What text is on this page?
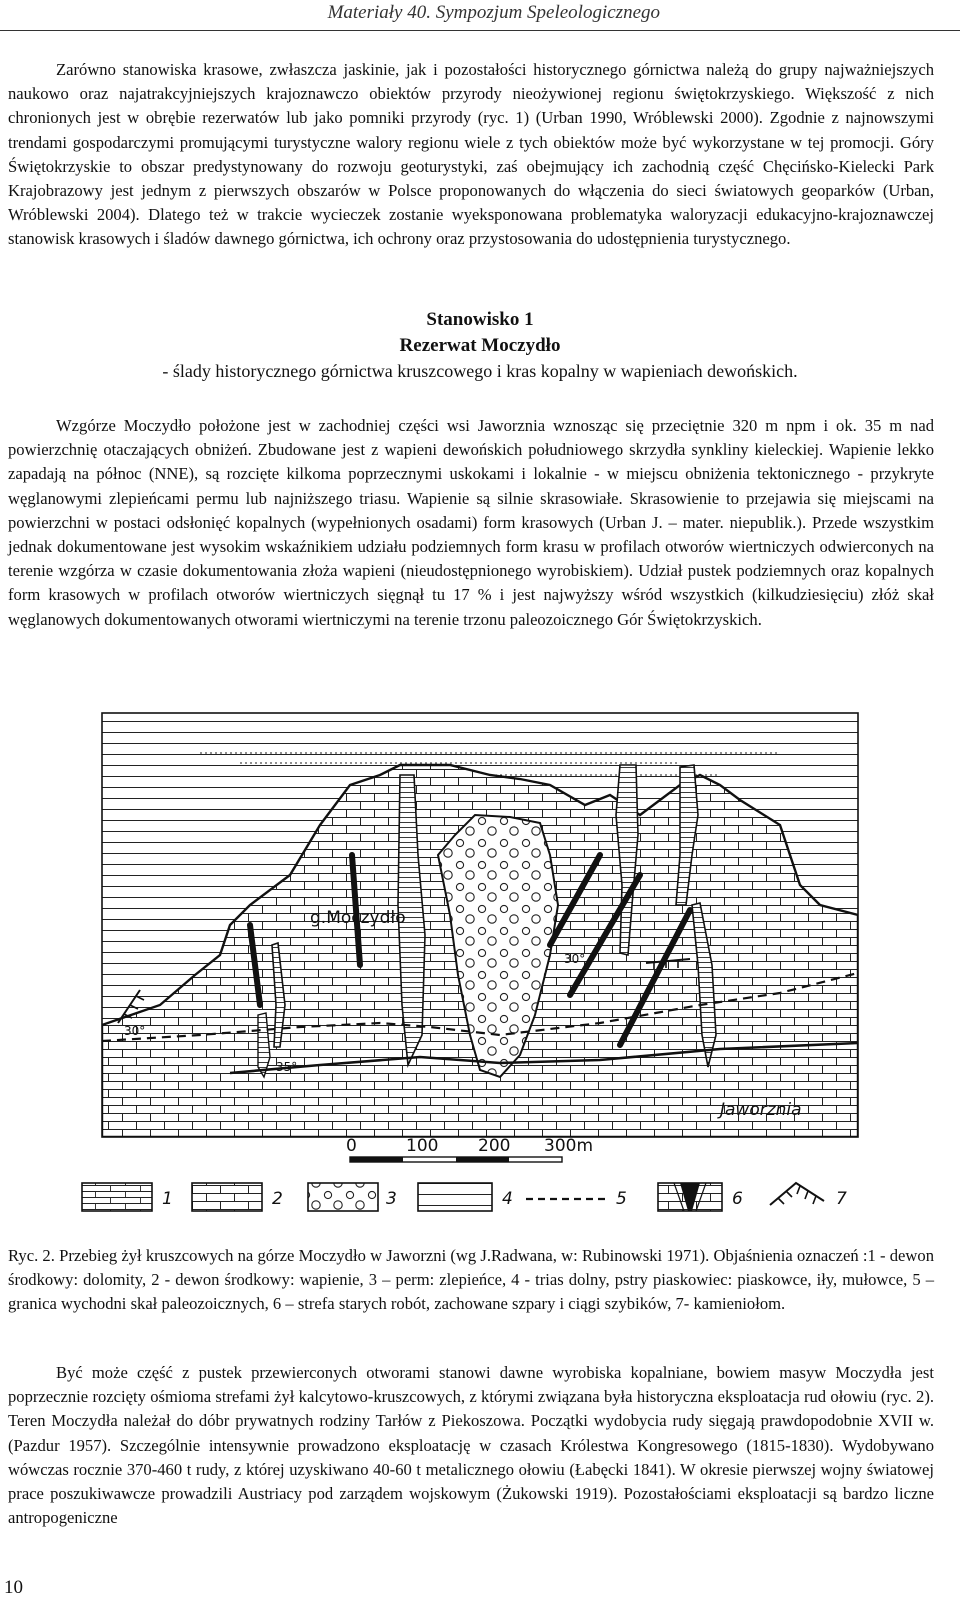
Materiały 40. Sympozjum Speleologicznego

Zarówno stanowiska krasowe, zwłaszcza jaskinie, jak i pozostałości historycznego górnictwa należą do grupy najważniejszych naukowo oraz najatrakcyjniejszych krajoznawczo obiektów przyrody nieożywionej regionu świętokrzyskiego. Większość z nich chronionych jest w obrębie rezerwatów lub jako pomniki przyrody (ryc. 1) (Urban 1990, Wróblewski 2000). Zgodnie z najnowszymi trendami gospodarczymi promującymi turystyczne walory regionu wiele z tych obiektów może być wykorzystane w tej promocji. Góry Świętokrzyskie to obszar predystynowany do rozwoju geoturystyki, zaś obejmujący ich zachodnią część Chęcińsko-Kielecki Park Krajobrazowy jest jednym z pierwszych obszarów w Polsce proponowanych do włączenia do sieci światowych geoparków (Urban, Wróblewski 2004). Dlatego też w trakcie wycieczek zostanie wyeksponowana problematyka waloryzacji edukacyjno-krajoznawczej stanowisk krasowych i śladów dawnego górnictwa, ich ochrony oraz przystosowania do udostępnienia turystycznego.

Stanowisko 1
Rezerwat Moczydło
- ślady historycznego górnictwa kruszcowego i kras kopalny w wapieniach dewońskich.

Wzgórze Moczydło położone jest w zachodniej części wsi Jaworznia wznosząc się przeciętnie 320 m npm i ok. 35 m nad powierzchnię otaczających obniżeń. Zbudowane jest z wapieni dewońskich południowego skrzydła synkliny kieleckiej. Wapienie lekko zapadają na północ (NNE), są rozcięte kilkoma poprzecznymi uskokami i lokalnie - w miejscu obniżenia tektonicznego - przykryte węglanowymi zlepieńcami permu lub najniższego triasu. Wapienie są silnie skrasowiałe. Skrasowienie to przejawia się miejscami na powierzchni w postaci odsłonięć kopalnych (wypełnionych osadami) form krasowych (Urban J. – mater. niepublik.). Przede wszystkim jednak dokumentowane jest wysokim wskaźnikiem udziału podziemnych form krasu w profilach otworów wiertniczych odwierconych na terenie wzgórza w czasie dokumentowania złoża wapieni (nieudostępnionego wyrobiskiem). Udział pustek podziemnych oraz kopalnych form krasowych w profilach otworów wiertniczych sięgnął tu 17 % i jest najwyższy wśród wszystkich (kilkudziesięciu) złóż skał węglanowych dokumentowanych otworami wiertniczymi na terenie trzonu paleozoicznego Gór Świętokrzyskich.

g.Moczydło
Jaworznia
30°
35°
30°
0	100 200 300m
1	2	3	4	5	6	7

Ryc. 2. Przebieg żył kruszcowych na górze Moczydło w Jaworzni (wg J.Radwana, w: Rubinowski 1971). Objaśnienia oznaczeń :1 - dewon środkowy: dolomity, 2 - dewon środkowy: wapienie, 3 – perm: zlepieńce, 4 - trias dolny, pstry piaskowiec: piaskowce, iły, mułowce, 5 – granica wychodni skał paleozoicznych, 6 – strefa starych robót, zachowane szpary i ciągi szybików, 7- kamieniołom.

Być może część z pustek przewierconych otworami stanowi dawne wyrobiska kopalniane, bowiem masyw Moczydła jest poprzecznie rozcięty ośmioma strefami żył kalcytowo-kruszcowych, z którymi związana była historyczna eksploatacja rud ołowiu (ryc. 2). Teren Moczydła należał do dóbr prywatnych rodziny Tarłów z Piekoszowa. Początki wydobycia rudy sięgają prawdopodobnie XVII w. (Pazdur 1957). Szczególnie intensywnie prowadzono eksploatację w czasach Królestwa Kongresowego (1815-1830). Wydobywano wówczas rocznie 370-460 t rudy, z której uzyskiwano 40-60 t metalicznego ołowiu (Łabęcki 1841). W okresie pierwszej wojny światowej prace poszukiwawcze prowadzili Austriacy pod zarządem wojskowym (Żukowski 1919). Pozostałościami eksploatacji są bardzo liczne antropogeniczne

10
